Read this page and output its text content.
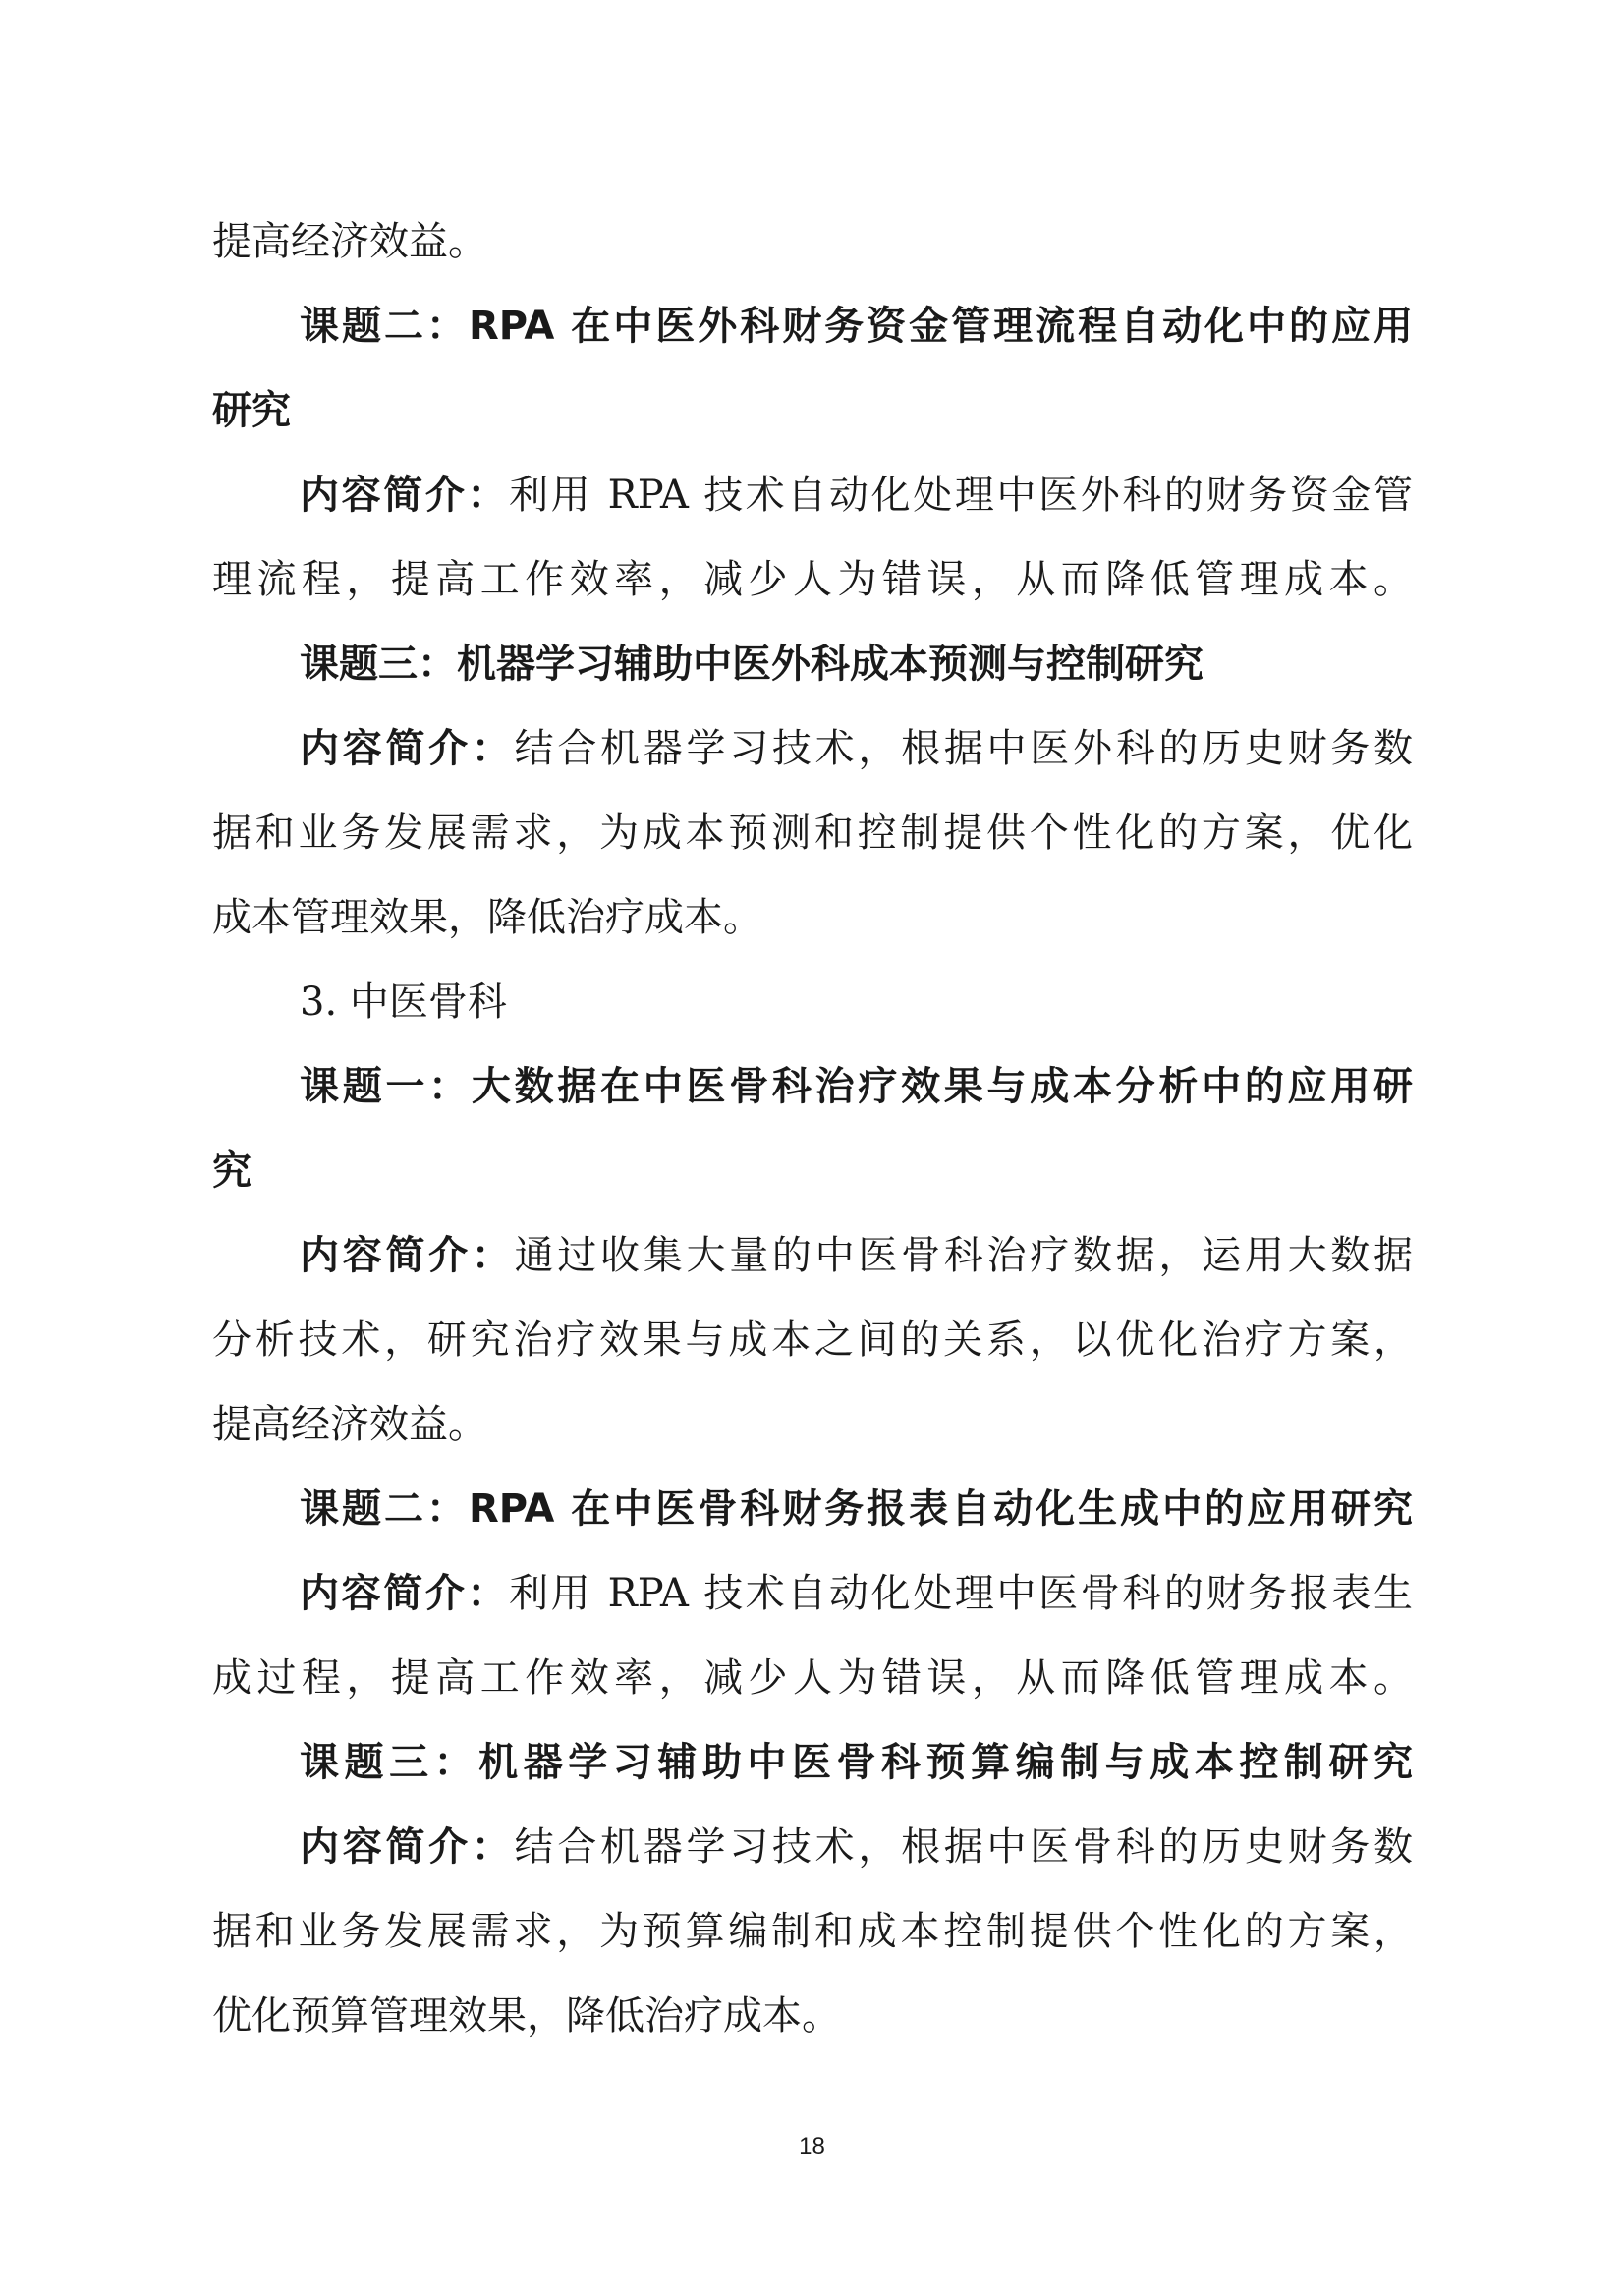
提高经济效益。

课题二：RPA 在中医外科财务资金管理流程自动化中的应用

研究

内容简介：利用 RPA 技术自动化处理中医外科的财务资金管

理流程，提高工作效率，减少人为错误，从而降低管理成本。

课题三：机器学习辅助中医外科成本预测与控制研究

内容简介：结合机器学习技术，根据中医外科的历史财务数

据和业务发展需求，为成本预测和控制提供个性化的方案，优化

成本管理效果，降低治疗成本。

3. 中医骨科

课题一：大数据在中医骨科治疗效果与成本分析中的应用研

究

内容简介：通过收集大量的中医骨科治疗数据，运用大数据

分析技术，研究治疗效果与成本之间的关系，以优化治疗方案，

提高经济效益。

课题二：RPA 在中医骨科财务报表自动化生成中的应用研究

内容简介：利用 RPA 技术自动化处理中医骨科的财务报表生

成过程，提高工作效率，减少人为错误，从而降低管理成本。

课题三：机器学习辅助中医骨科预算编制与成本控制研究

内容简介：结合机器学习技术，根据中医骨科的历史财务数

据和业务发展需求，为预算编制和成本控制提供个性化的方案，

优化预算管理效果，降低治疗成本。

18
